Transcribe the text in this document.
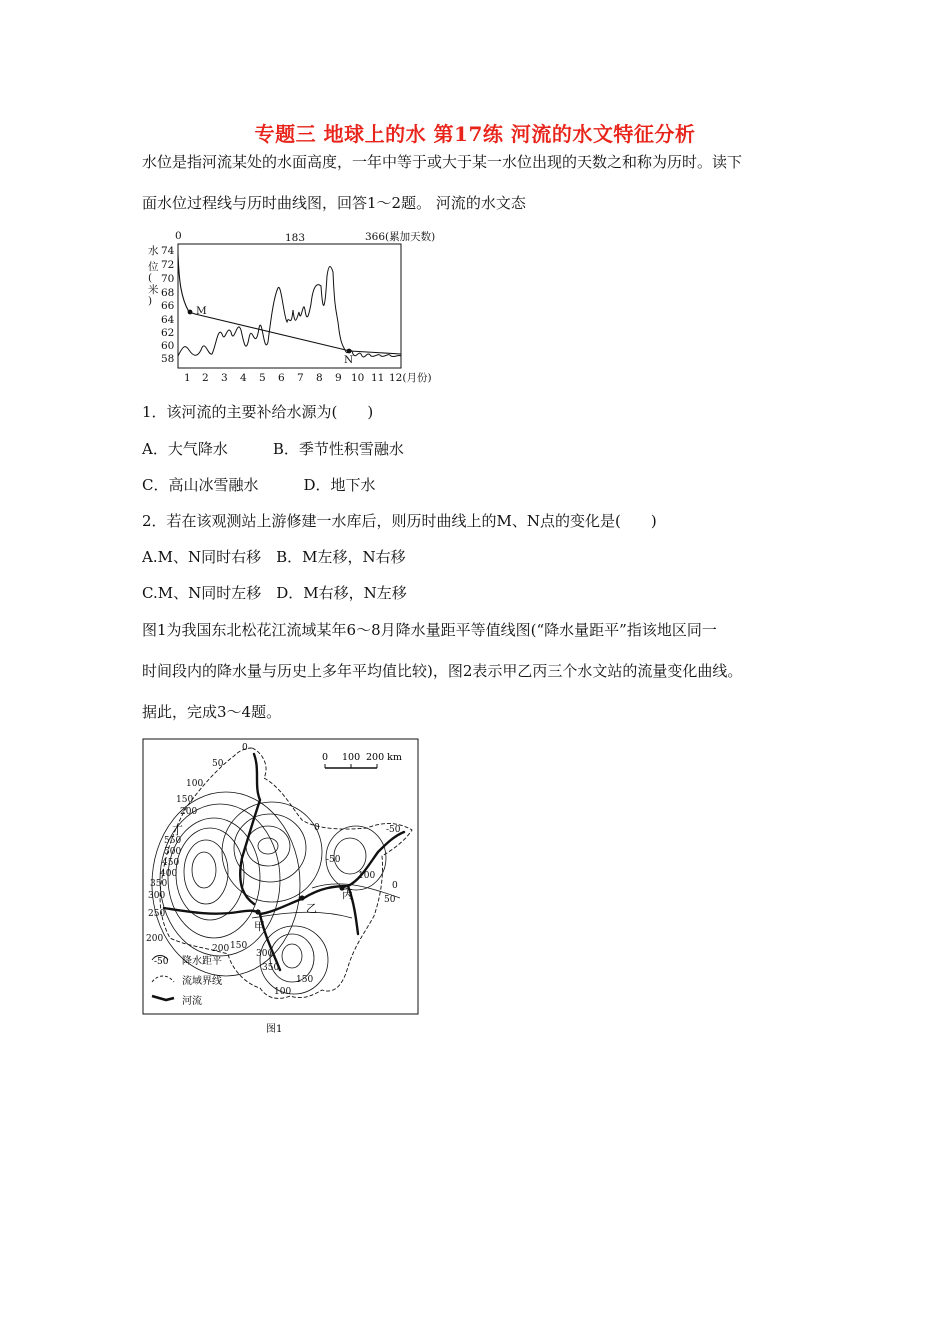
专题三 地球上的水 第17练 河流的水文特征分析
水位是指河流某处的水面高度，一年中等于或大于某一水位出现的天数之和称为历时。读下
面水位过程线与历时曲线图，回答1～2题。 河流的水文态
0	183	366(累加天数)
水
位
(
米
)
74
72
70
68
66
64
62
60
58
1 2 3 4 5 6 7 8 9 10 11 12(月份)
M
N
1．该河流的主要补给水源为(　　)
A．大气降水　　　B．季节性积雪融水
C．高山冰雪融水　　　D．地下水
2．若在该观测站上游修建一水库后，则历时曲线上的M、N点的变化是(　　)
A.M、N同时右移　B．M左移，N右移
C.M、N同时左移　D．M右移，N左移
图1为我国东北松花江流域某年6～8月降水量距平等值线图(“降水量距平”指该地区同一
时间段内的降水量与历史上多年平均值比较)，图2表示甲乙丙三个水文站的流量变化曲线。
据此，完成3～4题。
0 100 200 km
甲
乙
丙
丁
0
50
100
150
200
550
500
450
400
350
300
250
200
200 150
300
350
150
100
0
-50
-50
100
0
50
-50 降水距平
流域界线
河流
图1
